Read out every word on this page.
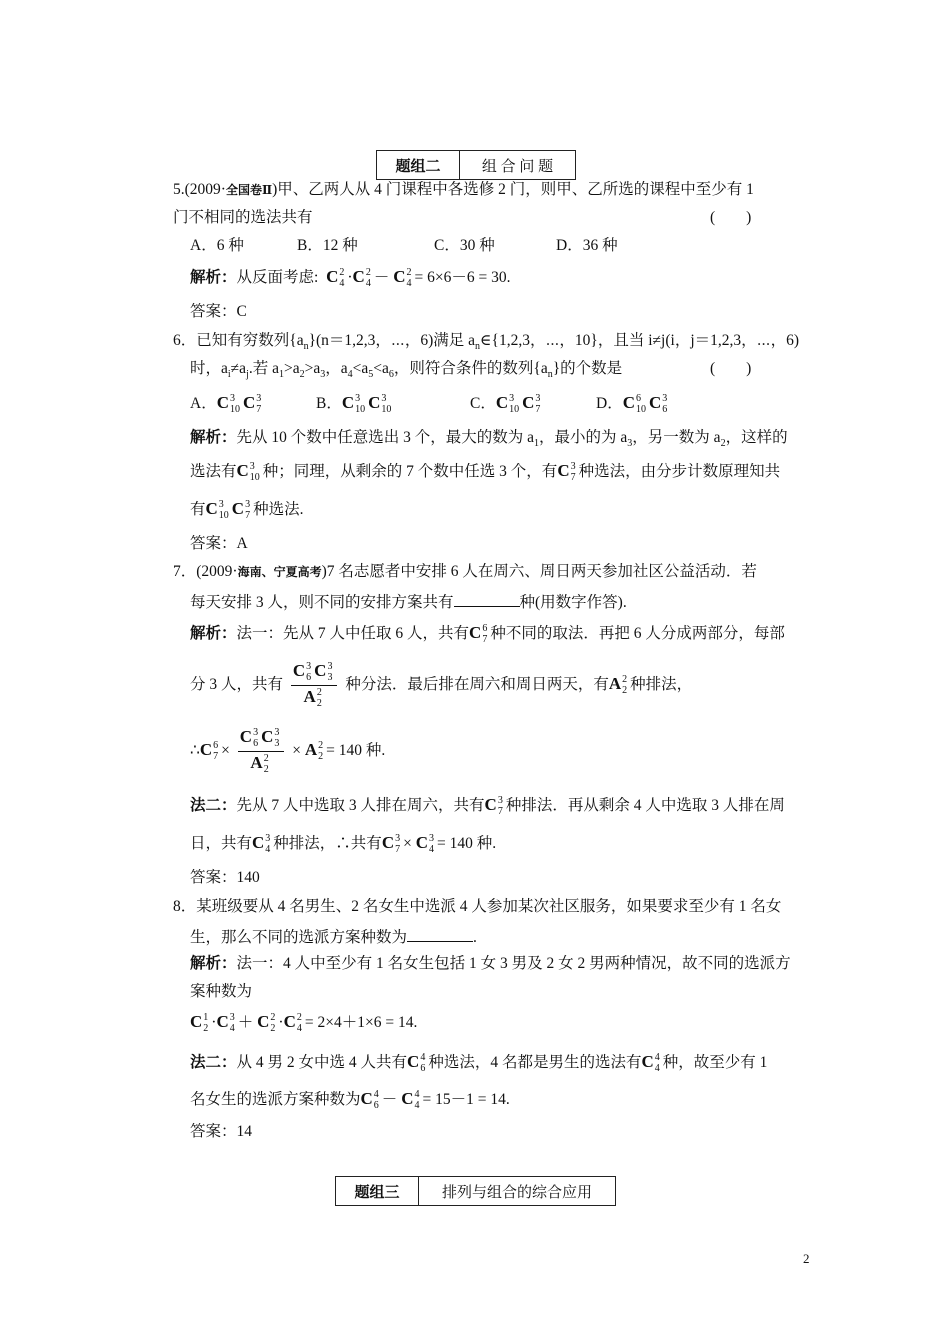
题组二	组 合 问 题
5.(2009·全国卷Ⅱ)甲、乙两人从 4 门课程中各选修 2 门，则甲、乙所选的课程中至少有 1
门不相同的选法共有	(　　)
A．6 种	B．12 种	C．30 种	D．36 种
解析：从反面考虑: C 2
4 ·C 2
4 － C 2
4 = 6×6－6 = 30.
答案：C
6．已知有穷数列$\{a_n\}(n=1,2,3$，⋯，6)满足 $a_n\in\{1,2,3$，⋯，10}，且当 i≠j(i，j＝1,2,3，⋯，6)
时，$a_i\ne a_j$.若 $a_1>a_2>a_3$，$a_4<a_5<a_6$，则符合条件的数列$\{a_n\}$的个数是	(　　)
A．C 3
10 C 3
7	B．C 3
10 C 3
10	C．C 3
10 C 3
7	D．C 6
10 C 3
6
解析：先从 10 个数中任意选出 3 个，最大的数为 $a_1$，最小的为 $a_3$，另一数为 $a_2$，这样的
选法有C 3
10 种；同理，从剩余的 7 个数中任选 3 个，有C 3
7 种选法，由分步计数原理知共
有C 3
10 C 3
7 种选法.
答案：A
7．(2009·海南、宁夏高考)7 名志愿者中安排 6 人在周六、周日两天参加社区公益活动．若
每天安排 3 人，则不同的安排方案共有	种(用数字作答).
解析：法一：先从 7 人中任取 6 人，共有C 6
7 种不同的取法．再把 6 人分成两部分，每部
分 3 人，共有 C 3
6 C 3
3
A 2
2 种分法．最后排在周六和周日两天，有A 2
2 种排法，
∴C 6
7 × C 3
6 C 3
3
A 2
2 × A 2
2 = 140 种.
法二：先从 7 人中选取 3 人排在周六，共有C 3
7 种排法．再从剩余 4 人中选取 3 人排在周
日，共有C 3
4 种排法，∴共有C 3
7 × C 3
4 = 140 种.
答案：140
8．某班级要从 4 名男生、2 名女生中选派 4 人参加某次社区服务，如果要求至少有 1 名女
生，那么不同的选派方案种数为	.
解析：法一：4 人中至少有 1 名女生包括 1 女 3 男及 2 女 2 男两种情况，故不同的选派方
案种数为
C 1
2 ·C 3
4 ＋ C 2
2 ·C 2
4 = 2×4＋1×6 = 14.
法二：从 4 男 2 女中选 4 人共有C 4
6 种选法，4 名都是男生的选法有C 4
4 种，故至少有 1
名女生的选派方案种数为C 4
6 － C 4
4 = 15－1 = 14.
答案：14
题组三	排列与组合的综合应用
2
